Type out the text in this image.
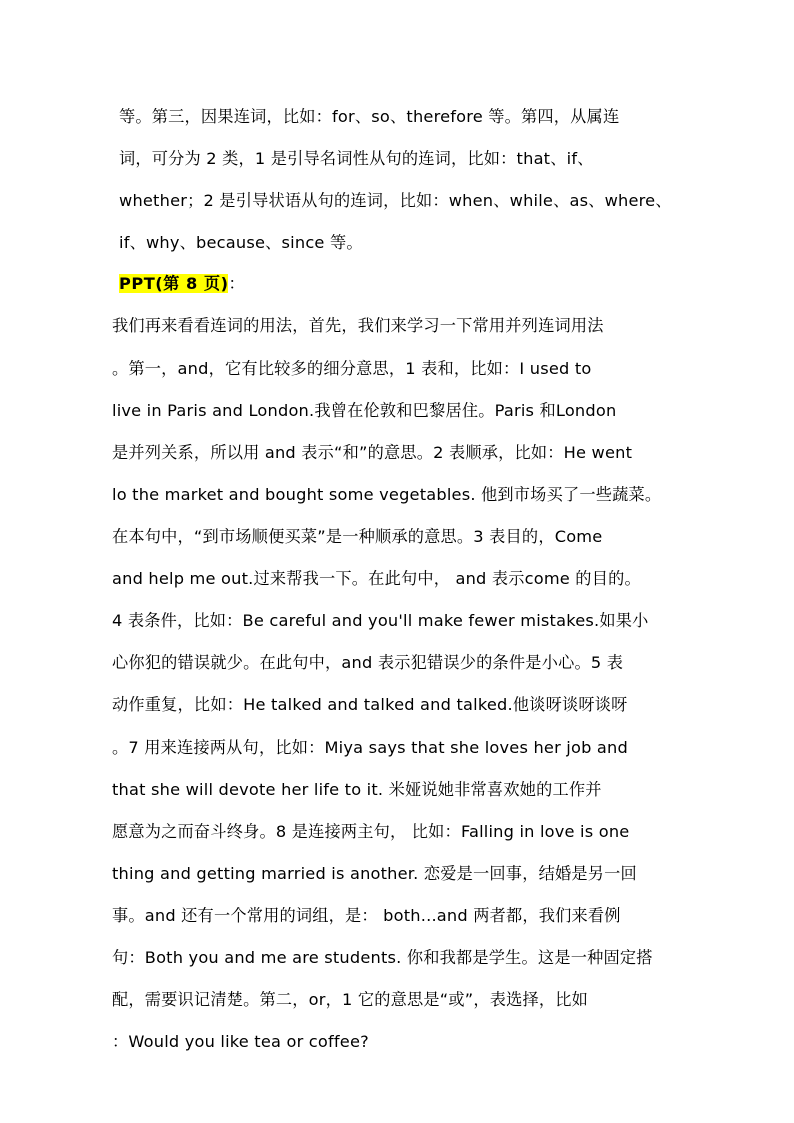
等。第三，因果连词，比如：for、so、therefore 等。第四，从属连
词，可分为 2 类，1 是引导名词性从句的连词，比如：that、if、
whether；2 是引导状语从句的连词，比如：when、while、as、where、
if、why、because、since 等。
PPT(第 8 页)：
我们再来看看连词的用法，首先，我们来学习一下常用并列连词用法
。第一，and，它有比较多的细分意思，1 表和，比如：I used to
live in Paris and London.我曾在伦敦和巴黎居住。Paris 和London
是并列关系，所以用 and 表示“和”的意思。2 表顺承，比如：He went
lo the market and bought some vegetables. 他到市场买了一些蔬菜。
在本句中，“到市场顺便买菜”是一种顺承的意思。3 表目的，Come
and help me out.过来帮我一下。在此句中， and 表示come 的目的。
4 表条件，比如：Be careful and you'll make fewer mistakes.如果小
心你犯的错误就少。在此句中，and 表示犯错误少的条件是小心。5 表
动作重复，比如：He talked and talked and talked.他谈呀谈呀谈呀
。7 用来连接两从句，比如：Miya says that she loves her job and
that she will devote her life to it. 米娅说她非常喜欢她的工作并
愿意为之而奋斗终身。8 是连接两主句， 比如：Falling in love is one
thing and getting married is another. 恋爱是一回事，结婚是另一回
事。and 还有一个常用的词组，是： both...and 两者都，我们来看例
句：Both you and me are students. 你和我都是学生。这是一种固定搭
配，需要识记清楚。第二，or，1 它的意思是“或”，表选择，比如
：Would you like tea or coffee?
